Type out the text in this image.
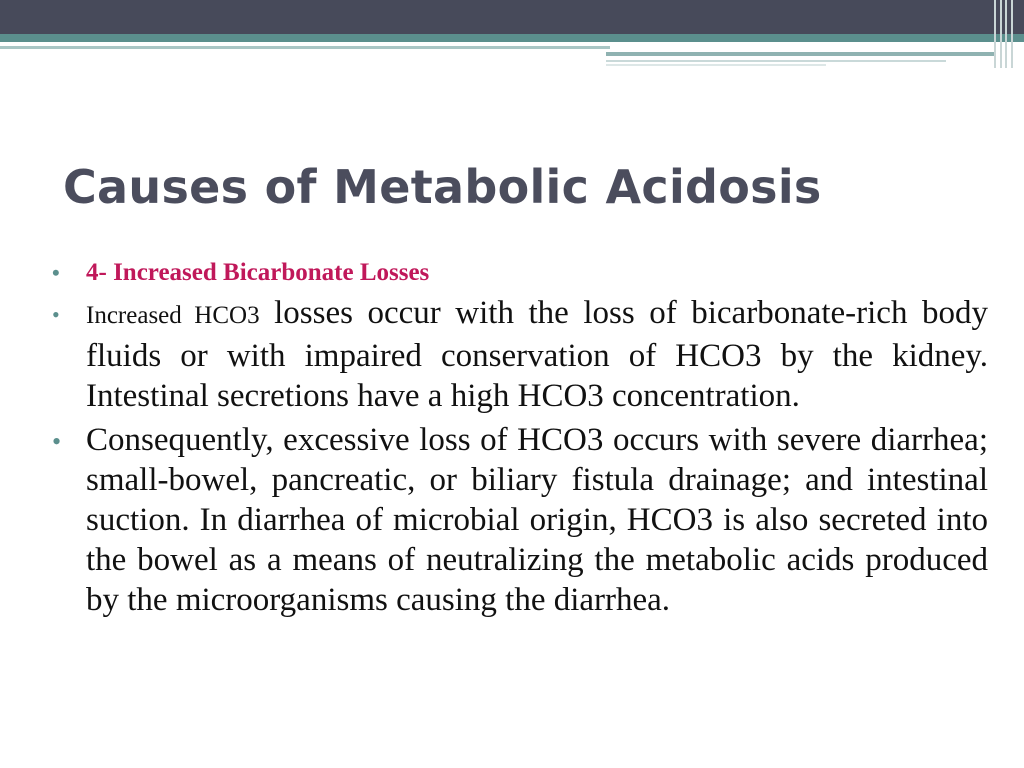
Causes of Metabolic Acidosis
• 4- Increased Bicarbonate Losses
• Increased HCO3 losses occur with the loss of bicarbonate-rich body fluids or with impaired conservation of HCO3 by the kidney. Intestinal secretions have a high HCO3 concentration.
• Consequently, excessive loss of HCO3 occurs with severe diarrhea; small-bowel, pancreatic, or biliary fistula drainage; and intestinal suction. In diarrhea of microbial origin, HCO3 is also secreted into the bowel as a means of neutralizing the metabolic acids produced by the microorganisms causing the diarrhea.
